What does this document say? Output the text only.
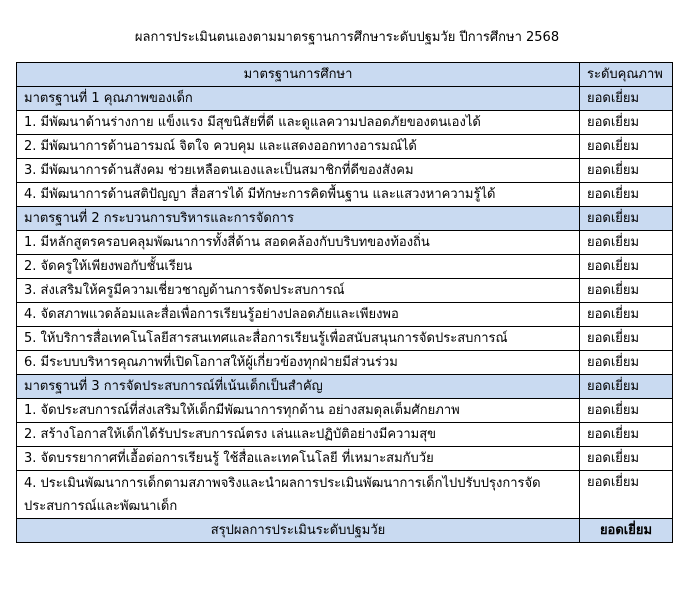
ผลการประเมินตนเองตามมาตรฐานการศึกษาระดับปฐมวัย ปีการศึกษา 2568
มาตรฐานการศึกษา	ระดับคุณภาพ
มาตรฐานที่ 1 คุณภาพของเด็ก	ยอดเยี่ยม
1. มีพัฒนาด้านร่างกาย แข็งแรง มีสุขนิสัยที่ดี และดูแลความปลอดภัยของตนเองได้	ยอดเยี่ยม
2. มีพัฒนาการด้านอารมณ์ จิตใจ ควบคุม และแสดงออกทางอารมณ์ได้	ยอดเยี่ยม
3. มีพัฒนาการด้านสังคม ช่วยเหลือตนเองและเป็นสมาชิกที่ดีของสังคม	ยอดเยี่ยม
4. มีพัฒนาการด้านสติปัญญา สื่อสารได้ มีทักษะการคิดพื้นฐาน และแสวงหาความรู้ได้	ยอดเยี่ยม
มาตรฐานที่ 2 กระบวนการบริหารและการจัดการ	ยอดเยี่ยม
1. มีหลักสูตรครอบคลุมพัฒนาการทั้งสี่ด้าน สอดคล้องกับบริบทของท้องถิ่น	ยอดเยี่ยม
2. จัดครูให้เพียงพอกับชั้นเรียน	ยอดเยี่ยม
3. ส่งเสริมให้ครูมีความเชี่ยวชาญด้านการจัดประสบการณ์	ยอดเยี่ยม
4. จัดสภาพแวดล้อมและสื่อเพื่อการเรียนรู้อย่างปลอดภัยและเพียงพอ	ยอดเยี่ยม
5. ให้บริการสื่อเทคโนโลยีสารสนเทศและสื่อการเรียนรู้เพื่อสนับสนุนการจัดประสบการณ์	ยอดเยี่ยม
6. มีระบบบริหารคุณภาพที่เปิดโอกาสให้ผู้เกี่ยวข้องทุกฝ่ายมีส่วนร่วม	ยอดเยี่ยม
มาตรฐานที่ 3 การจัดประสบการณ์ที่เน้นเด็กเป็นสำคัญ	ยอดเยี่ยม
1. จัดประสบการณ์ที่ส่งเสริมให้เด็กมีพัฒนาการทุกด้าน อย่างสมดุลเต็มศักยภาพ	ยอดเยี่ยม
2. สร้างโอกาสให้เด็กได้รับประสบการณ์ตรง เล่นและปฏิบัติอย่างมีความสุข	ยอดเยี่ยม
3. จัดบรรยากาศที่เอื้อต่อการเรียนรู้ ใช้สื่อและเทคโนโลยี ที่เหมาะสมกับวัย	ยอดเยี่ยม
4. ประเมินพัฒนาการเด็กตามสภาพจริงและนำผลการประเมินพัฒนาการเด็กไปปรับปรุงการจัดประสบการณ์และพัฒนาเด็ก	ยอดเยี่ยม
สรุปผลการประเมินระดับปฐมวัย	ยอดเยี่ยม
